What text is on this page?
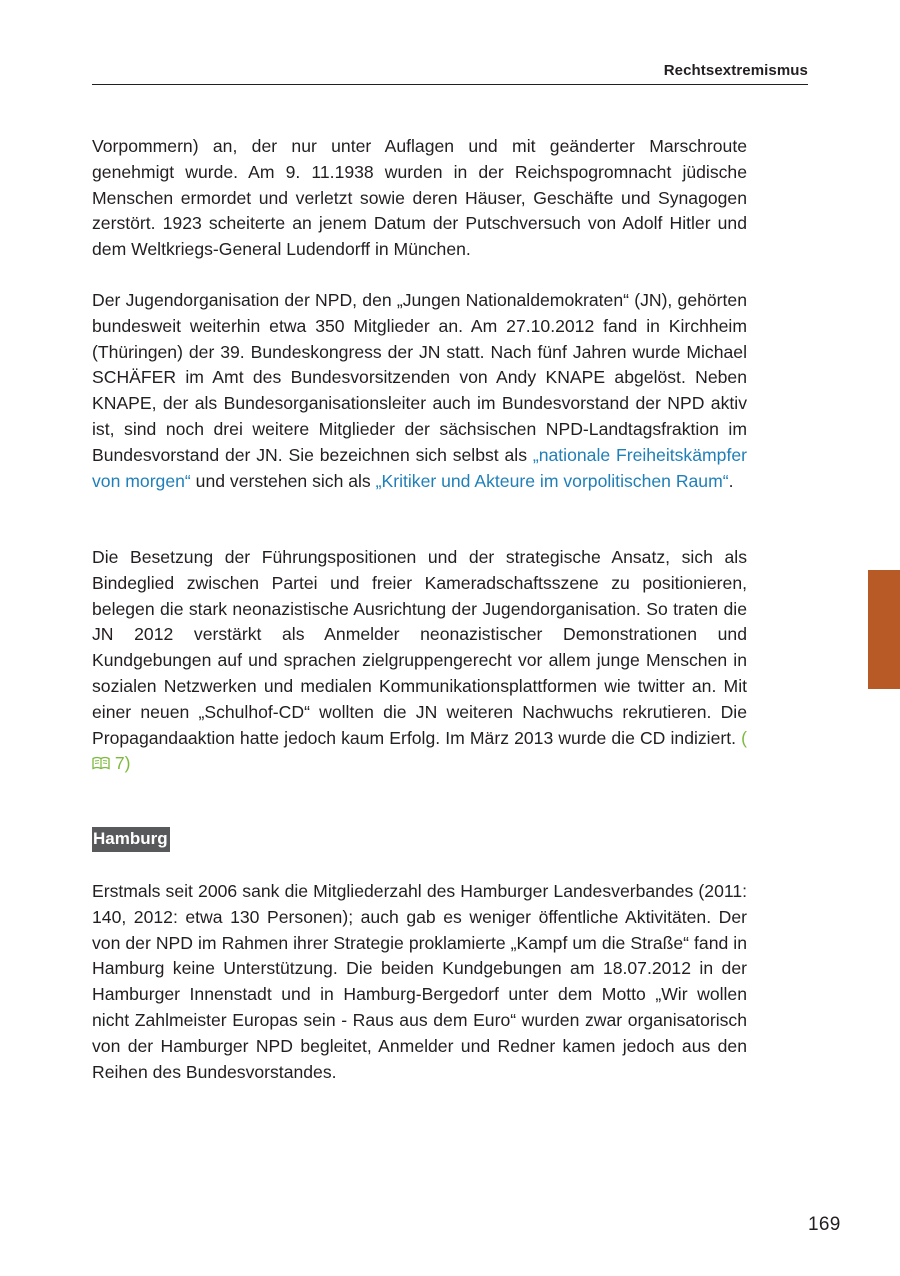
Rechtsextremismus

Vorpommern) an, der nur unter Auflagen und mit geänderter Marschroute genehmigt wurde. Am 9. 11.1938 wurden in der Reichspogromnacht jüdische Menschen ermordet und verletzt sowie deren Häuser, Geschäfte und Synagogen zerstört. 1923 scheiterte an jenem Datum der Putschversuch von Adolf Hitler und dem Weltkriegs-General Ludendorff in München.

Der Jugendorganisation der NPD, den „Jungen Nationaldemokraten“ (JN), gehörten bundesweit weiterhin etwa 350 Mitglieder an. Am 27.10.2012 fand in Kirchheim (Thüringen) der 39. Bundeskongress der JN statt. Nach fünf Jahren wurde Michael SCHÄFER im Amt des Bundesvorsitzenden von Andy KNAPE abgelöst. Neben KNAPE, der als Bundesorganisationsleiter auch im Bundesvorstand der NPD aktiv ist, sind noch drei weitere Mitglieder der sächsischen NPD-Landtagsfraktion im Bundesvorstand der JN. Sie bezeichnen sich selbst als „nationale Freiheitskämpfer von morgen“ und verstehen sich als „Kritiker und Akteure im vorpolitischen Raum“.

Die Besetzung der Führungspositionen und der strategische Ansatz, sich als Bindeglied zwischen Partei und freier Kameradschaftsszene zu positionieren, belegen die stark neonazistische Ausrichtung der Jugendorganisation. So traten die JN 2012 verstärkt als Anmelder neonazistischer Demonstrationen und Kundgebungen auf und sprachen zielgruppengerecht vor allem junge Menschen in sozialen Netzwerken und medialen Kommunikationsplattformen wie twitter an. Mit einer neuen „Schulhof-CD“ wollten die JN weiteren Nachwuchs rekrutieren. Die Propagandaaktion hatte jedoch kaum Erfolg. Im März 2013 wurde die CD indiziert. ( 7)

Hamburg

Erstmals seit 2006 sank die Mitgliederzahl des Hamburger Landesverbandes (2011: 140, 2012: etwa 130 Personen); auch gab es weniger öffentliche Aktivitäten. Der von der NPD im Rahmen ihrer Strategie proklamierte „Kampf um die Straße“ fand in Hamburg keine Unterstützung. Die beiden Kundgebungen am 18.07.2012 in der Hamburger Innenstadt und in Hamburg-Bergedorf unter dem Motto „Wir wollen nicht Zahlmeister Europas sein - Raus aus dem Euro“ wurden zwar organisatorisch von der Hamburger NPD begleitet, Anmelder und Redner kamen jedoch aus den Reihen des Bundesvorstandes.

169
